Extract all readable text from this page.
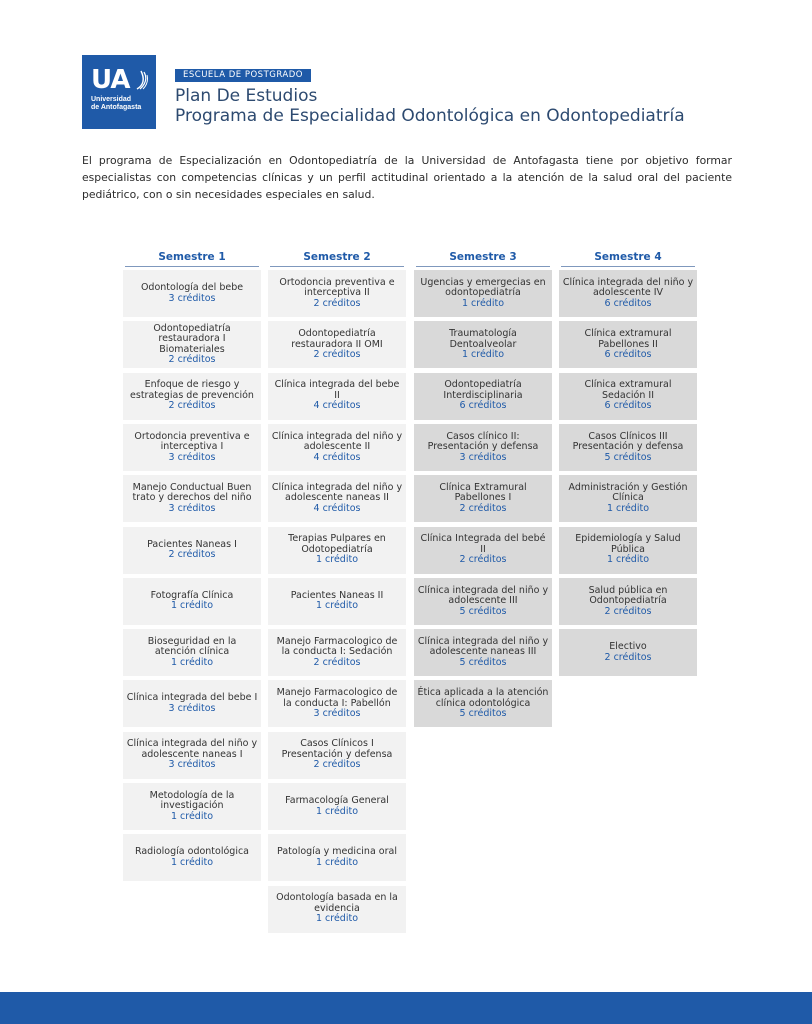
UA
Universidad
de Antofagasta
ESCUELA DE POSTGRADO
Plan De Estudios
Programa de Especialidad Odontológica en Odontopediatría

El programa de Especialización en Odontopediatría de la Universidad de Antofagasta tiene por objetivo formar especialistas con competencias clínicas y un perfil actitudinal orientado a la atención de la salud oral del paciente pediátrico, con o sin necesidades especiales en salud.

Semestre 1
Odontología del bebe
3 créditos
Odontopediatría restauradora I Biomateriales
2 créditos
Enfoque de riesgo y estrategias de prevención
2 créditos
Ortodoncia preventiva e interceptiva I
3 créditos
Manejo Conductual Buen trato y derechos del niño
3 créditos
Pacientes Naneas I
2 créditos
Fotografía Clínica
1 crédito
Bioseguridad en la atención clínica
1 crédito
Clínica integrada del bebe I
3 créditos
Clínica integrada del niño y adolescente naneas I
3 créditos
Metodología de la investigación
1 crédito
Radiología odontológica
1 crédito
Semestre 2
Ortodoncia preventiva e interceptiva II
2 créditos
Odontopediatría restauradora II OMI
2 créditos
Clínica integrada del bebe II
4 créditos
Clínica integrada del niño y adolescente II
4 créditos
Clínica integrada del niño y adolescente naneas II
4 créditos
Terapias Pulpares en Odotopediatría
1 crédito
Pacientes Naneas II
1 crédito
Manejo Farmacologico de la conducta I: Sedación
2 créditos
Manejo Farmacologico de la conducta I: Pabellón
3 créditos
Casos Clínicos I Presentación y defensa
2 créditos
Farmacología General
1 crédito
Patología y medicina oral
1 crédito
Odontología basada en la evidencia
1 crédito
Semestre 3
Ugencias y emergecias en odontopediatría
1 crédito
Traumatología Dentoalveolar
1 crédito
Odontopediatría Interdisciplinaria
6 créditos
Casos clínico II: Presentación y defensa
3 créditos
Clínica Extramural Pabellones I
2 créditos
Clínica Integrada del bebé II
2 créditos
Clínica integrada del niño y adolescente III
5 créditos
Clínica integrada del niño y adolescente naneas III
5 créditos
Ética aplicada a la atención clínica odontológica
5 créditos
Semestre 4
Clínica integrada del niño y adolescente IV
6 créditos
Clínica extramural Pabellones II
6 créditos
Clínica extramural Sedación II
6 créditos
Casos Clínicos III Presentación y defensa
5 créditos
Administración y Gestión Clínica
1 crédito
Epidemiología y Salud Pública
1 crédito
Salud pública en Odontopediatría
2 créditos
Electivo
2 créditos
